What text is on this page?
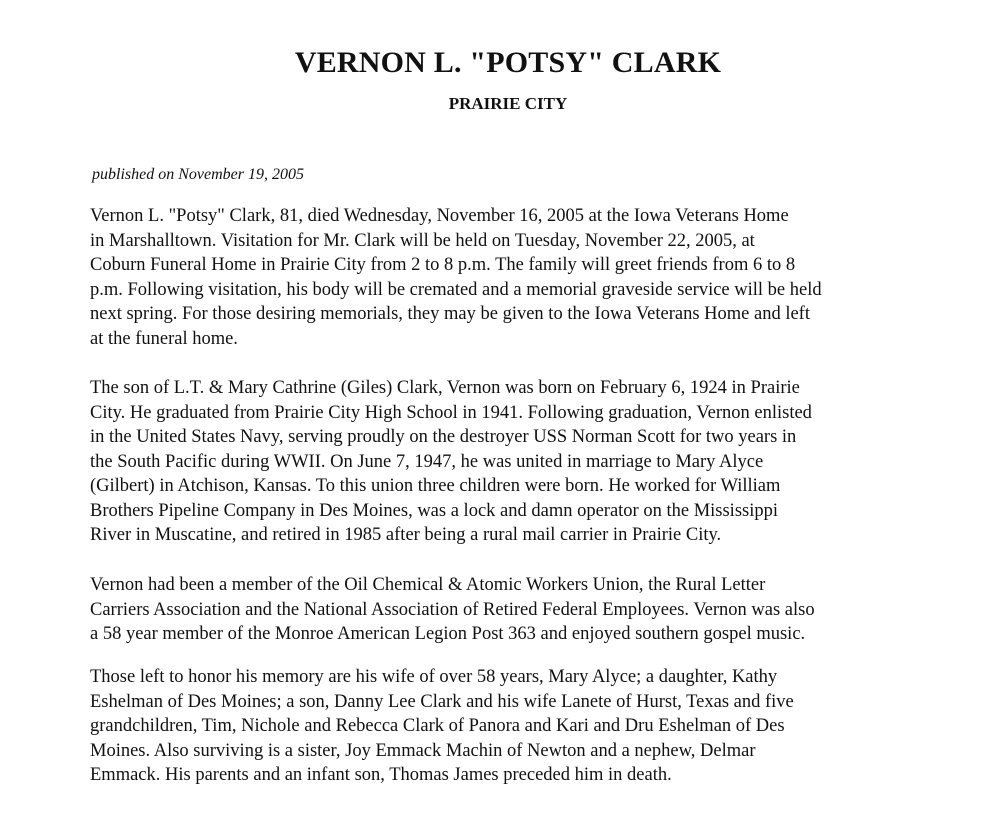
VERNON L. "POTSY" CLARK
PRAIRIE CITY

published on November 19, 2005

Vernon L. "Potsy" Clark, 81, died Wednesday, November 16, 2005 at the Iowa Veterans Home
in Marshalltown. Visitation for Mr. Clark will be held on Tuesday, November 22, 2005, at
Coburn Funeral Home in Prairie City from 2 to 8 p.m. The family will greet friends from 6 to 8
p.m. Following visitation, his body will be cremated and a memorial graveside service will be held
next spring. For those desiring memorials, they may be given to the Iowa Veterans Home and left
at the funeral home.

The son of L.T. & Mary Cathrine (Giles) Clark, Vernon was born on February 6, 1924 in Prairie
City. He graduated from Prairie City High School in 1941. Following graduation, Vernon enlisted
in the United States Navy, serving proudly on the destroyer USS Norman Scott for two years in
the South Pacific during WWII. On June 7, 1947, he was united in marriage to Mary Alyce
(Gilbert) in Atchison, Kansas. To this union three children were born. He worked for William
Brothers Pipeline Company in Des Moines, was a lock and damn operator on the Mississippi
River in Muscatine, and retired in 1985 after being a rural mail carrier in Prairie City.

Vernon had been a member of the Oil Chemical & Atomic Workers Union, the Rural Letter
Carriers Association and the National Association of Retired Federal Employees. Vernon was also
a 58 year member of the Monroe American Legion Post 363 and enjoyed southern gospel music.

Those left to honor his memory are his wife of over 58 years, Mary Alyce; a daughter, Kathy
Eshelman of Des Moines; a son, Danny Lee Clark and his wife Lanete of Hurst, Texas and five
grandchildren, Tim, Nichole and Rebecca Clark of Panora and Kari and Dru Eshelman of Des
Moines. Also surviving is a sister, Joy Emmack Machin of Newton and a nephew, Delmar
Emmack. His parents and an infant son, Thomas James preceded him in death.
